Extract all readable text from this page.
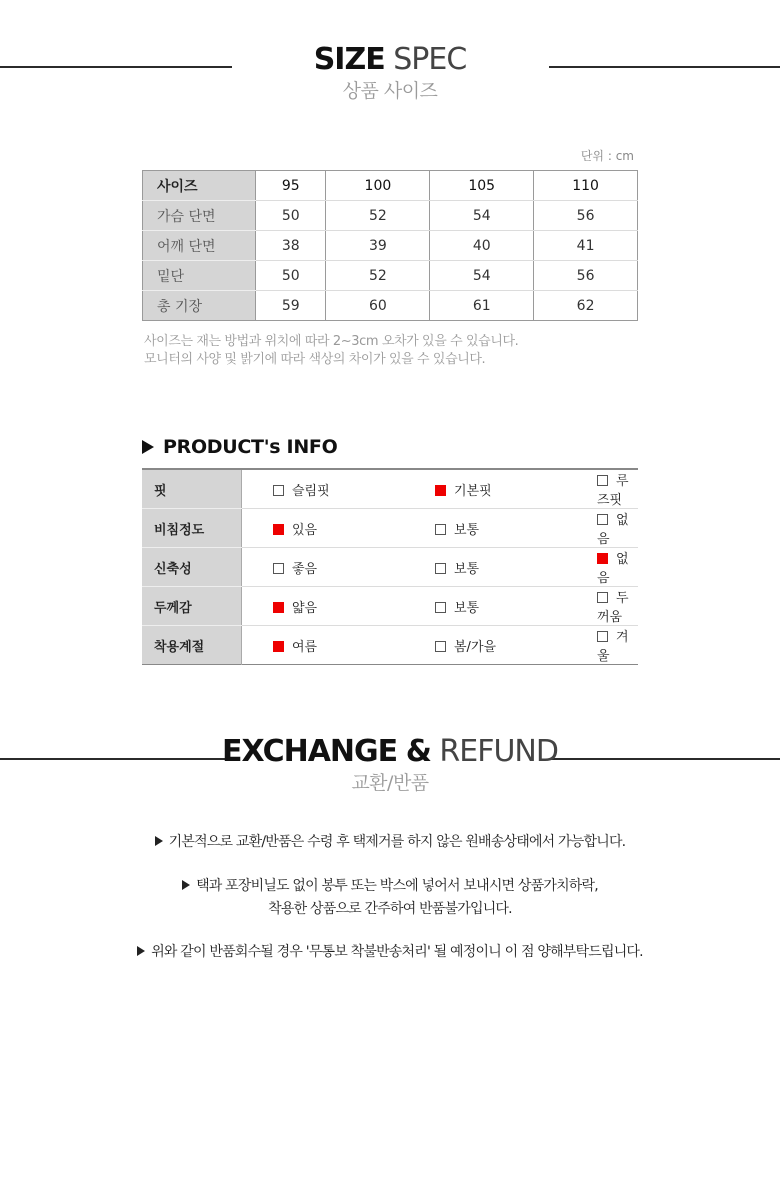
SIZE SPEC
상품 사이즈
단위 : cm
사이즈	95	100	105	110
가슴 단면	50	52	54	56
어깨 단면	38	39	40	41
밑단	50	52	54	56
총 기장	59	60	61	62
사이즈는 재는 방법과 위치에 따라 2~3cm 오차가 있을 수 있습니다.
모니터의 사양 및 밝기에 따라 색상의 차이가 있을 수 있습니다.
PRODUCT's INFO
핏	슬림핏	기본핏	루즈핏
비침정도	있음	보통	없음
신축성	좋음	보통	없음
두께감	얇음	보통	두꺼움
착용계절	여름	봄/가을	겨울
EXCHANGE & REFUND
교환/반품
기본적으로 교환/반품은 수령 후 택제거를 하지 않은 원배송상태에서 가능합니다.
택과 포장비닐도 없이 봉투 또는 박스에 넣어서 보내시면 상품가치하락,
착용한 상품으로 간주하여 반품불가입니다.
위와 같이 반품회수될 경우 '무통보 착불반송처리' 될 예정이니 이 점 양해부탁드립니다.
